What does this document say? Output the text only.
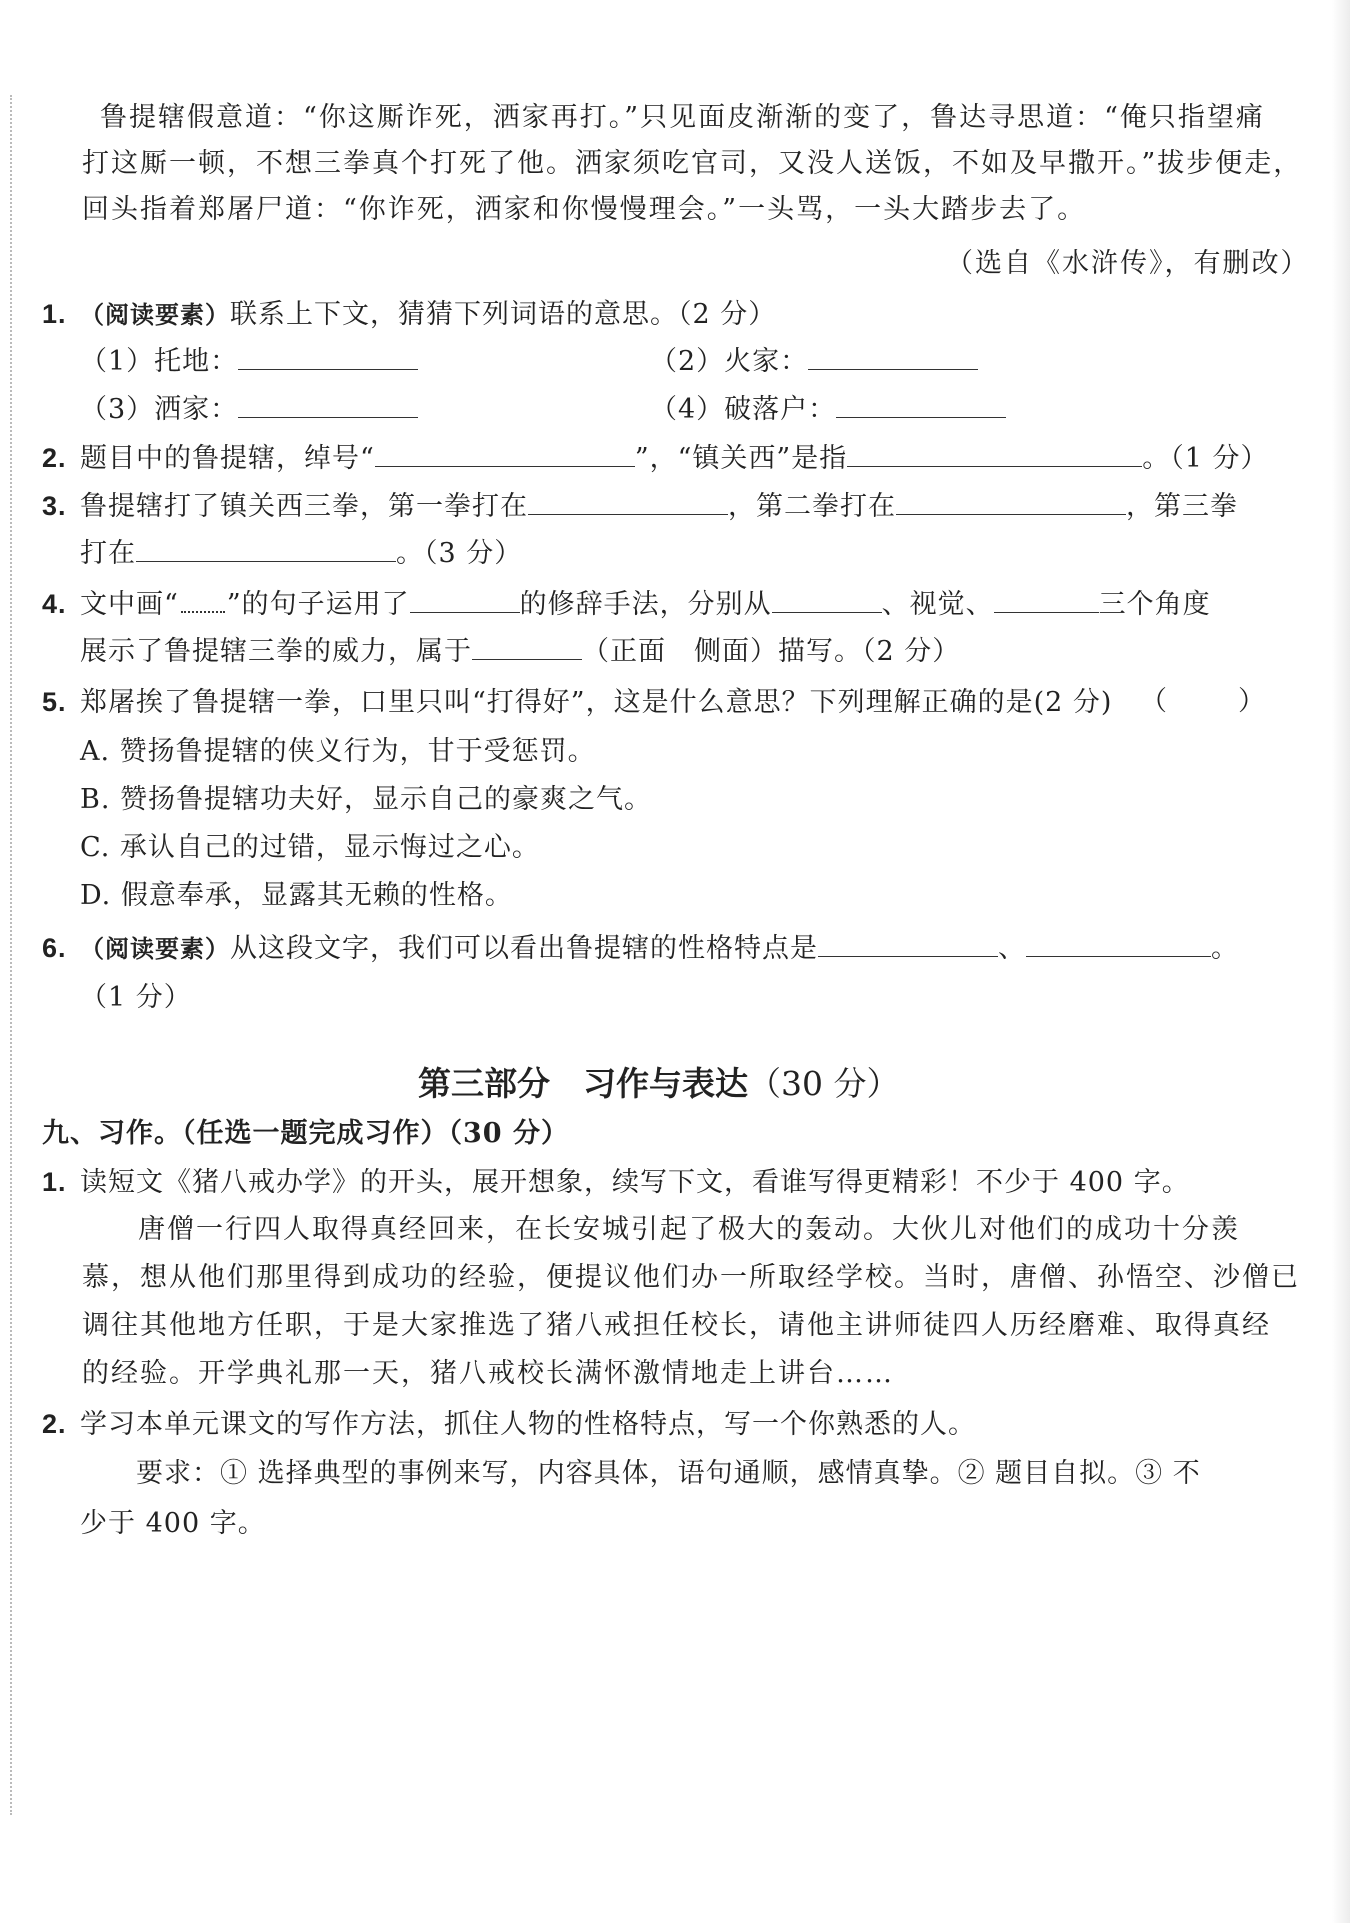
鲁提辖假意道：“你这厮诈死，洒家再打。”只见面皮渐渐的变了，鲁达寻思道：“俺只指望痛
打这厮一顿，不想三拳真个打死了他。洒家须吃官司，又没人送饭，不如及早撒开。”拔步便走，
回头指着郑屠尸道：“你诈死，洒家和你慢慢理会。”一头骂，一头大踏步去了。
（选自《水浒传》，有删改）
1. （阅读要素）联系上下文，猜猜下列词语的意思。（2 分）
（1）托地：	（2）火家：
（3）洒家：	（4）破落户：
2. 题目中的鲁提辖，绰号“	”，“镇关西”是指	。（1 分）
3. 鲁提辖打了镇关西三拳，第一拳打在	，第二拳打在	，第三拳
打在	。（3 分）
4. 文中画“ ”的句子运用了	的修辞手法，分别从	、视觉、	三个角度
展示了鲁提辖三拳的威力，属于	（正面　侧面）描写。（2 分）
5. 郑屠挨了鲁提辖一拳，口里只叫“打得好”，这是什么意思？下列理解正确的是(2 分) （	）
A. 赞扬鲁提辖的侠义行为，甘于受惩罚。
B. 赞扬鲁提辖功夫好，显示自己的豪爽之气。
C. 承认自己的过错，显示悔过之心。
D. 假意奉承，显露其无赖的性格。
6. （阅读要素）从这段文字，我们可以看出鲁提辖的性格特点是	、	。
（1 分）
第三部分　习作与表达（30 分）
九、习作。（任选一题完成习作）（30 分）
1. 读短文《猪八戒办学》的开头，展开想象，续写下文，看谁写得更精彩！不少于 400 字。
唐僧一行四人取得真经回来，在长安城引起了极大的轰动。大伙儿对他们的成功十分羡
慕，想从他们那里得到成功的经验，便提议他们办一所取经学校。当时，唐僧、孙悟空、沙僧已
调往其他地方任职，于是大家推选了猪八戒担任校长，请他主讲师徒四人历经磨难、取得真经
的经验。开学典礼那一天，猪八戒校长满怀激情地走上讲台……
2. 学习本单元课文的写作方法，抓住人物的性格特点，写一个你熟悉的人。
要求：① 选择典型的事例来写，内容具体，语句通顺，感情真挚。② 题目自拟。③ 不
少于 400 字。
